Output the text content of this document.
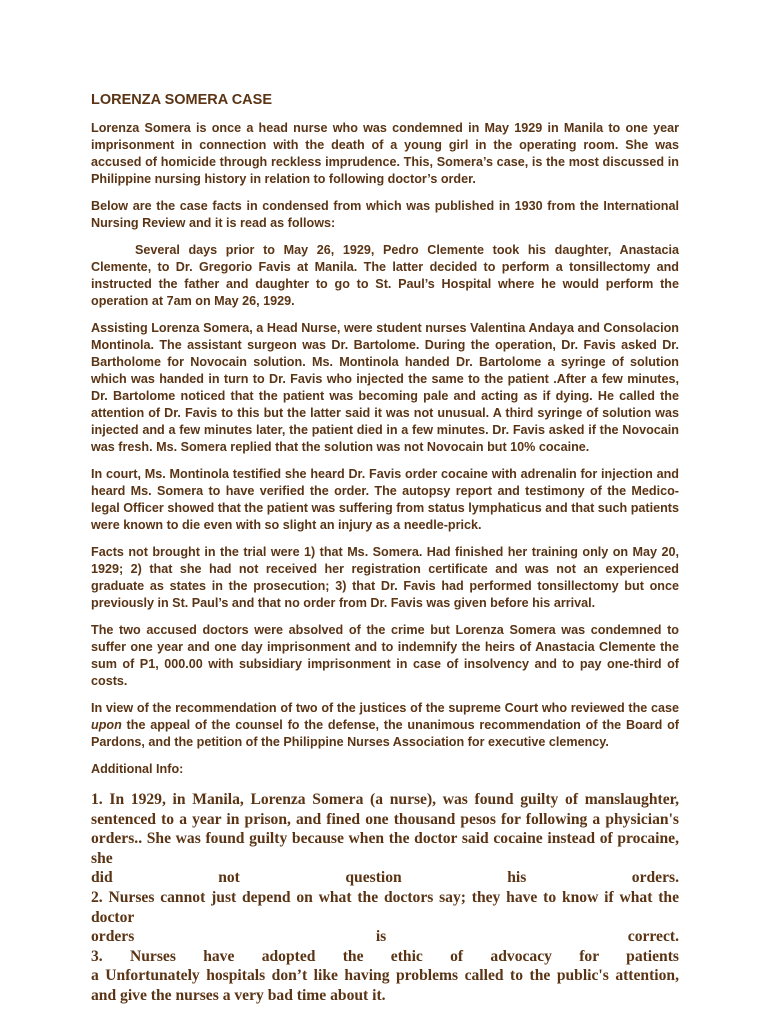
LORENZA SOMERA CASE

Lorenza Somera is once a head nurse who was condemned in May 1929 in Manila to one year imprisonment in connection with the death of a young girl in the operating room. She was accused of homicide through reckless imprudence. This, Somera’s case, is the most discussed in Philippine nursing history in relation to following doctor’s order.

Below are the case facts in condensed from which was published in 1930 from the International Nursing Review and it is read as follows:

Several days prior to May 26, 1929, Pedro Clemente took his daughter, Anastacia Clemente, to Dr. Gregorio Favis at Manila. The latter decided to perform a tonsillectomy and instructed the father and daughter to go to St. Paul’s Hospital where he would perform the operation at 7am on May 26, 1929.

Assisting Lorenza Somera, a Head Nurse, were student nurses Valentina Andaya and Consolacion Montinola. The assistant surgeon was Dr. Bartolome. During the operation, Dr. Favis asked Dr. Bartholome for Novocain solution. Ms. Montinola handed Dr. Bartolome a syringe of solution which was handed in turn to Dr. Favis who injected the same to the patient .After a few minutes, Dr. Bartolome noticed that the patient was becoming pale and acting as if dying. He called the attention of Dr. Favis to this but the latter said it was not unusual. A third syringe of solution was injected and a few minutes later, the patient died in a few minutes. Dr. Favis asked if the Novocain was fresh. Ms. Somera replied that the solution was not Novocain but 10% cocaine.

In court, Ms. Montinola testified she heard Dr. Favis order cocaine with adrenalin for injection and heard Ms. Somera to have verified the order. The autopsy report and testimony of the Medico-legal Officer showed that the patient was suffering from status lymphaticus and that such patients were known to die even with so slight an injury as a needle-prick.

Facts not brought in the trial were 1) that Ms. Somera. Had finished her training only on May 20, 1929; 2) that she had not received her registration certificate and was not an experienced graduate as states in the prosecution; 3) that Dr. Favis had performed tonsillectomy but once previously in St. Paul’s and that no order from Dr. Favis was given before his arrival.

The two accused doctors were absolved of the crime but Lorenza Somera was condemned to suffer one year and one day imprisonment and to indemnify the heirs of Anastacia Clemente the sum of P1, 000.00 with subsidiary imprisonment in case of insolvency and to pay one-third of costs.

In view of the recommendation of two of the justices of the supreme Court who reviewed the case upon the appeal of the counsel fo the defense, the unanimous recommendation of the Board of Pardons, and the petition of the Philippine Nurses Association for executive clemency.

Additional Info:

1. In 1929, in Manila, Lorenza Somera (a nurse), was found guilty of manslaughter, sentenced to a year in prison, and fined one thousand pesos for following a physician's orders.. She was found guilty because when the doctor said cocaine instead of procaine, she
did not question his orders.
2. Nurses cannot just depend on what the doctors say; they have to know if what the doctor
orders is correct.
3. Nurses have adopted the ethic of advocacy for patients
a Unfortunately hospitals don’t like having problems called to the public's attention, and give the nurses a very bad time about it.
